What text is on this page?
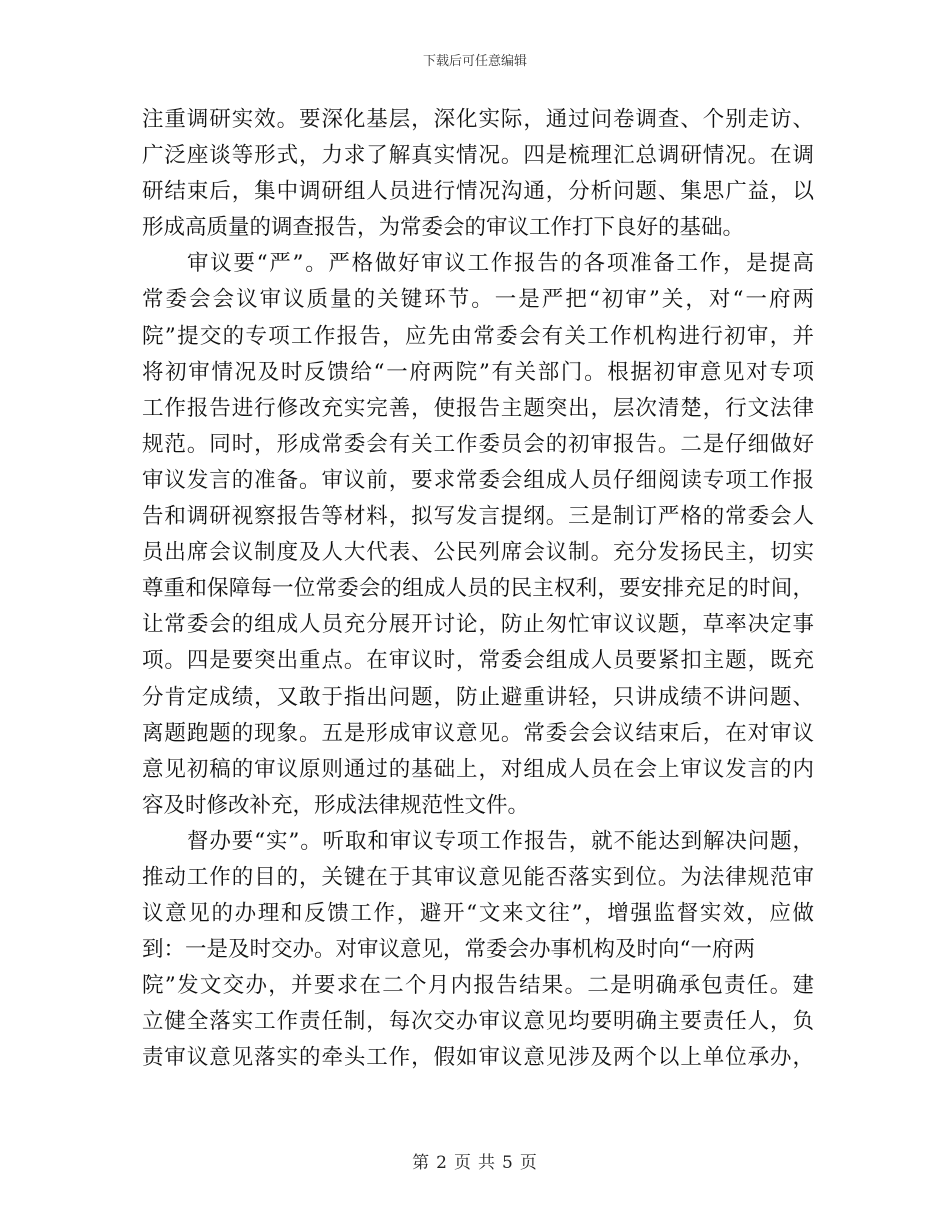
下载后可任意编辑
注重调研实效。要深化基层，深化实际，通过问卷调查、个别走访、
广泛座谈等形式，力求了解真实情况。四是梳理汇总调研情况。在调
研结束后，集中调研组人员进行情况沟通，分析问题、集思广益，以
形成高质量的调查报告，为常委会的审议工作打下良好的基础。
审议要“严”。严格做好审议工作报告的各项准备工作，是提高
常委会会议审议质量的关键环节。一是严把“初审”关，对“一府两
院”提交的专项工作报告，应先由常委会有关工作机构进行初审，并
将初审情况及时反馈给“一府两院”有关部门。根据初审意见对专项
工作报告进行修改充实完善，使报告主题突出，层次清楚，行文法律
规范。同时，形成常委会有关工作委员会的初审报告。二是仔细做好
审议发言的准备。审议前，要求常委会组成人员仔细阅读专项工作报
告和调研视察报告等材料，拟写发言提纲。三是制订严格的常委会人
员出席会议制度及人大代表、公民列席会议制。充分发扬民主，切实
尊重和保障每一位常委会的组成人员的民主权利，要安排充足的时间，
让常委会的组成人员充分展开讨论，防止匆忙审议议题，草率决定事
项。四是要突出重点。在审议时，常委会组成人员要紧扣主题，既充
分肯定成绩，又敢于指出问题，防止避重讲轻，只讲成绩不讲问题、
离题跑题的现象。五是形成审议意见。常委会会议结束后，在对审议
意见初稿的审议原则通过的基础上，对组成人员在会上审议发言的内
容及时修改补充，形成法律规范性文件。
督办要“实”。听取和审议专项工作报告，就不能达到解决问题，
推动工作的目的，关键在于其审议意见能否落实到位。为法律规范审
议意见的办理和反馈工作，避开“文来文往”，增强监督实效，应做
到：一是及时交办。对审议意见，常委会办事机构及时向“一府两
院”发文交办，并要求在二个月内报告结果。二是明确承包责任。建
立健全落实工作责任制，每次交办审议意见均要明确主要责任人，负
责审议意见落实的牵头工作，假如审议意见涉及两个以上单位承办，
第 2 页 共 5 页
